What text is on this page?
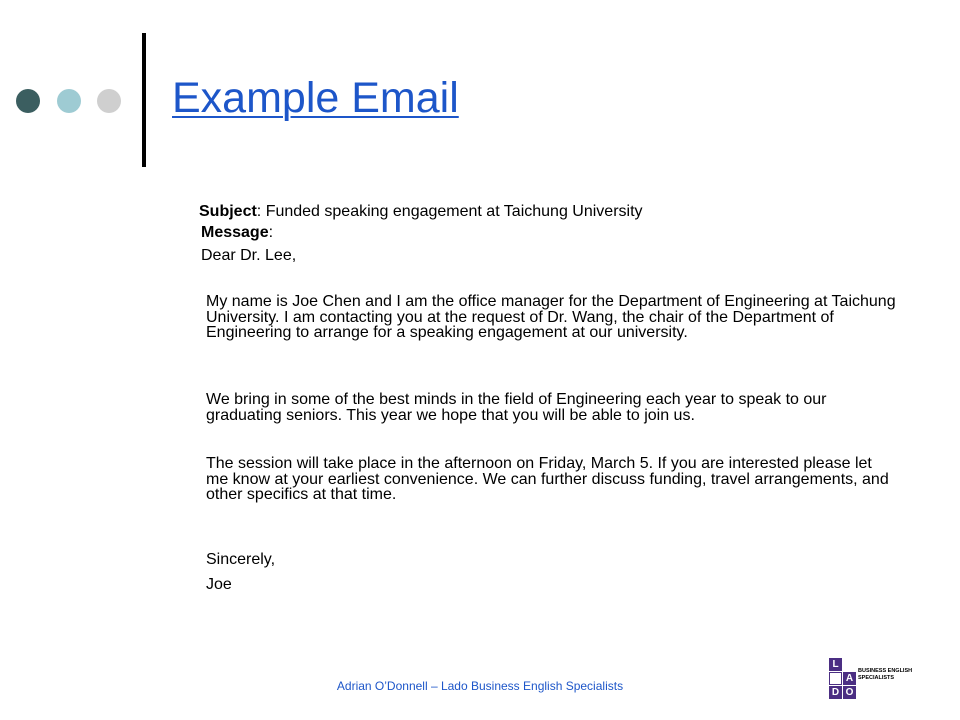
Example Email
Subject: Funded speaking engagement at Taichung University
Message:
Dear Dr. Lee,
My name is Joe Chen and I am the office manager for the Department of Engineering at Taichung University. I am contacting you at the request of Dr. Wang, the chair of the Department of Engineering to arrange for a speaking engagement at our university.
We bring in some of the best minds in the field of Engineering each year to speak to our graduating seniors. This year we hope that you will be able to join us.
The session will take place in the afternoon on Friday, March 5. If you are interested please let me know at your earliest convenience. We can further discuss funding, travel arrangements, and other specifics at that time.
Sincerely,
Joe
Adrian O’Donnell – Lado Business English Specialists
L
A
D O
BUSINESS ENGLISH
SPECIALISTS
